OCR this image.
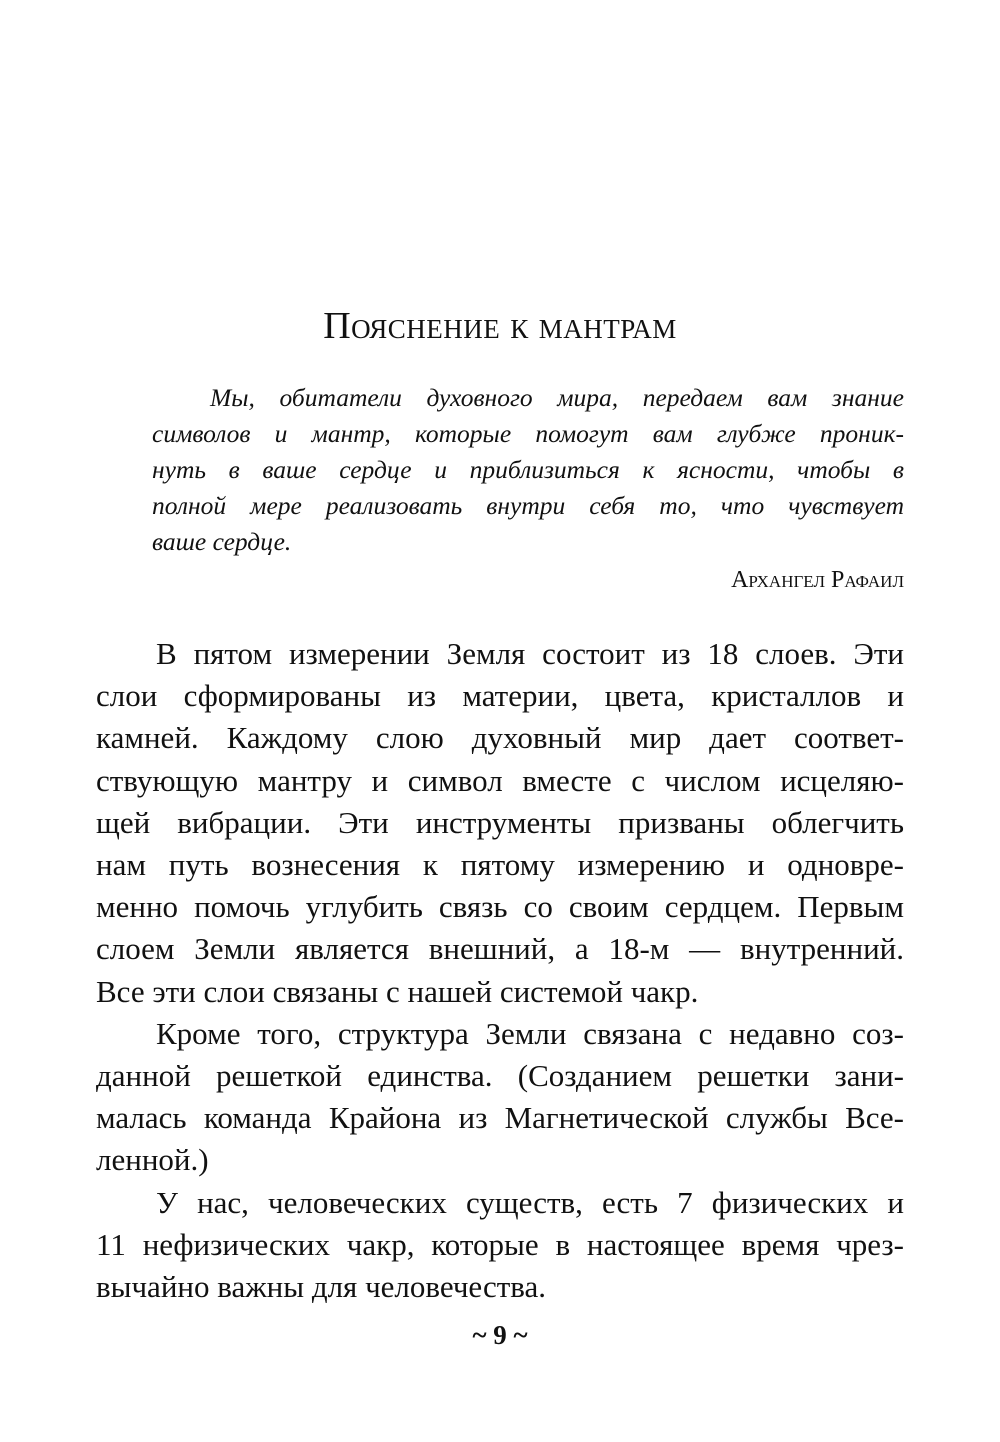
Пояснение к мантрам
Мы, обитатели духовного мира, передаем вам знание
символов и мантр, которые помогут вам глубже проник-
нуть в ваше сердце и приблизиться к ясности, чтобы в
полной мере реализовать внутри себя то, что чувствует
ваше сердце.
Архангел Рафаил
В пятом измерении Земля состоит из 18 слоев. Эти
слои сформированы из материи, цвета, кристаллов и
камней. Каждому слою духовный мир дает соответ-
ствующую мантру и символ вместе с числом исцеляю-
щей вибрации. Эти инструменты призваны облегчить
нам путь вознесения к пятому измерению и одновре-
менно помочь углубить связь со своим сердцем. Первым
слоем Земли является внешний, а 18-м — внутренний.
Все эти слои связаны с нашей системой чакр.
Кроме того, структура Земли связана с недавно соз-
данной решеткой единства. (Созданием решетки зани-
малась команда Крайона из Магнетической службы Все-
ленной.)
У нас, человеческих существ, есть 7 физических и
11 нефизических чакр, которые в настоящее время чрез-
вычайно важны для человечества.
~ 9 ~
